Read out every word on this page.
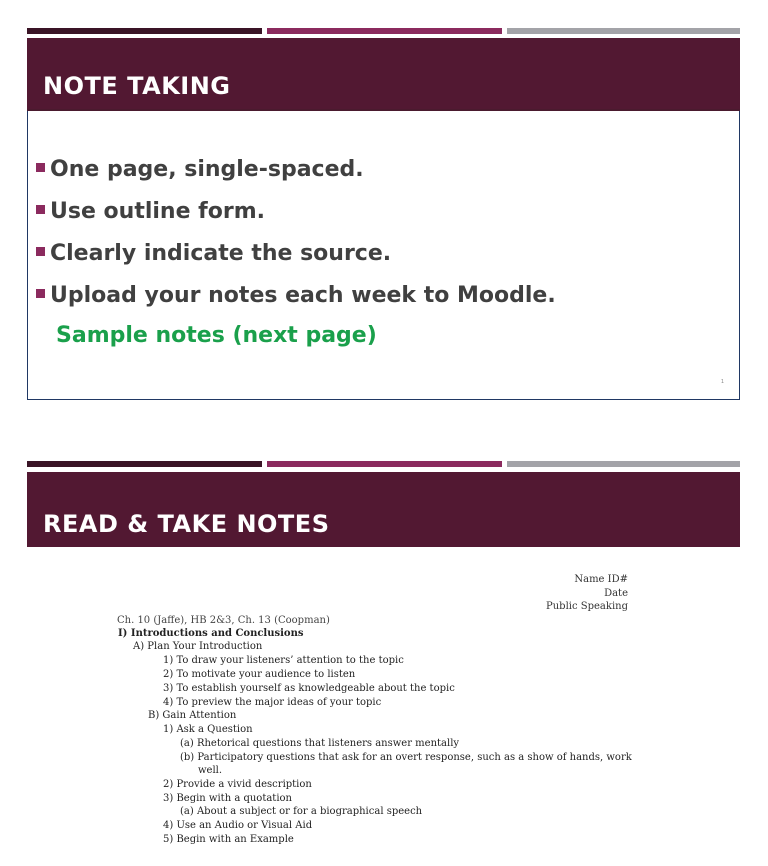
NOTE TAKING
One page, single-spaced.
Use outline form.
Clearly indicate the source.
Upload your notes each week to Moodle.
Sample notes (next page)
1
READ & TAKE NOTES
Name ID#
Date
Public Speaking
Ch. 10 (Jaffe), HB 2&3, Ch. 13 (Coopman)
I) Introductions and Conclusions
A) Plan Your Introduction
1) To draw your listeners’ attention to the topic
2) To motivate your audience to listen
3) To establish yourself as knowledgeable about the topic
4) To preview the major ideas of your topic
B) Gain Attention
1) Ask a Question
(a) Rhetorical questions that listeners answer mentally
(b) Participatory questions that ask for an overt response, such as a show of hands, work
well.
2) Provide a vivid description
3) Begin with a quotation
(a) About a subject or for a biographical speech
4) Use an Audio or Visual Aid
5) Begin with an Example
